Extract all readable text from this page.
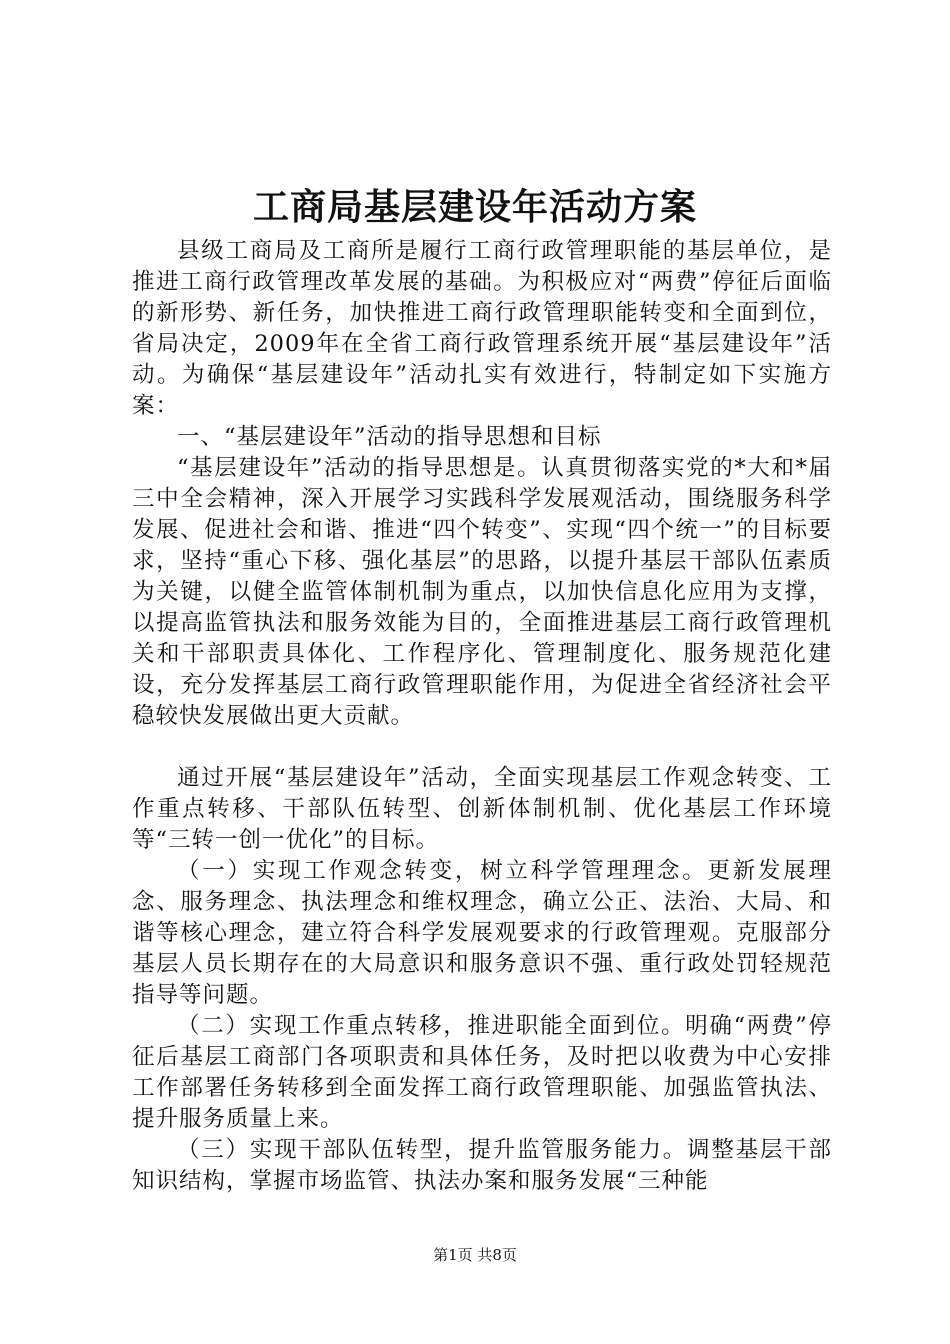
工商局基层建设年活动方案

县级工商局及工商所是履行工商行政管理职能的基层单位，是推进工商行政管理改革发展的基础。为积极应对“两费”停征后面临的新形势、新任务，加快推进工商行政管理职能转变和全面到位，省局决定，2009年在全省工商行政管理系统开展“基层建设年”活动。为确保“基层建设年”活动扎实有效进行，特制定如下实施方案：

一、“基层建设年”活动的指导思想和目标

“基层建设年”活动的指导思想是。认真贯彻落实党的*大和*届三中全会精神，深入开展学习实践科学发展观活动，围绕服务科学发展、促进社会和谐、推进“四个转变”、实现“四个统一”的目标要求，坚持“重心下移、强化基层”的思路，以提升基层干部队伍素质为关键，以健全监管体制机制为重点，以加快信息化应用为支撑，以提高监管执法和服务效能为目的，全面推进基层工商行政管理机关和干部职责具体化、工作程序化、管理制度化、服务规范化建设，充分发挥基层工商行政管理职能作用，为促进全省经济社会平稳较快发展做出更大贡献。

通过开展“基层建设年”活动，全面实现基层工作观念转变、工作重点转移、干部队伍转型、创新体制机制、优化基层工作环境等“三转一创一优化”的目标。

（一）实现工作观念转变，树立科学管理理念。更新发展理念、服务理念、执法理念和维权理念，确立公正、法治、大局、和谐等核心理念，建立符合科学发展观要求的行政管理观。克服部分基层人员长期存在的大局意识和服务意识不强、重行政处罚轻规范指导等问题。

（二）实现工作重点转移，推进职能全面到位。明确“两费”停征后基层工商部门各项职责和具体任务，及时把以收费为中心安排工作部署任务转移到全面发挥工商行政管理职能、加强监管执法、提升服务质量上来。

（三）实现干部队伍转型，提升监管服务能力。调整基层干部知识结构，掌握市场监管、执法办案和服务发展“三种能

第1页 共8页
